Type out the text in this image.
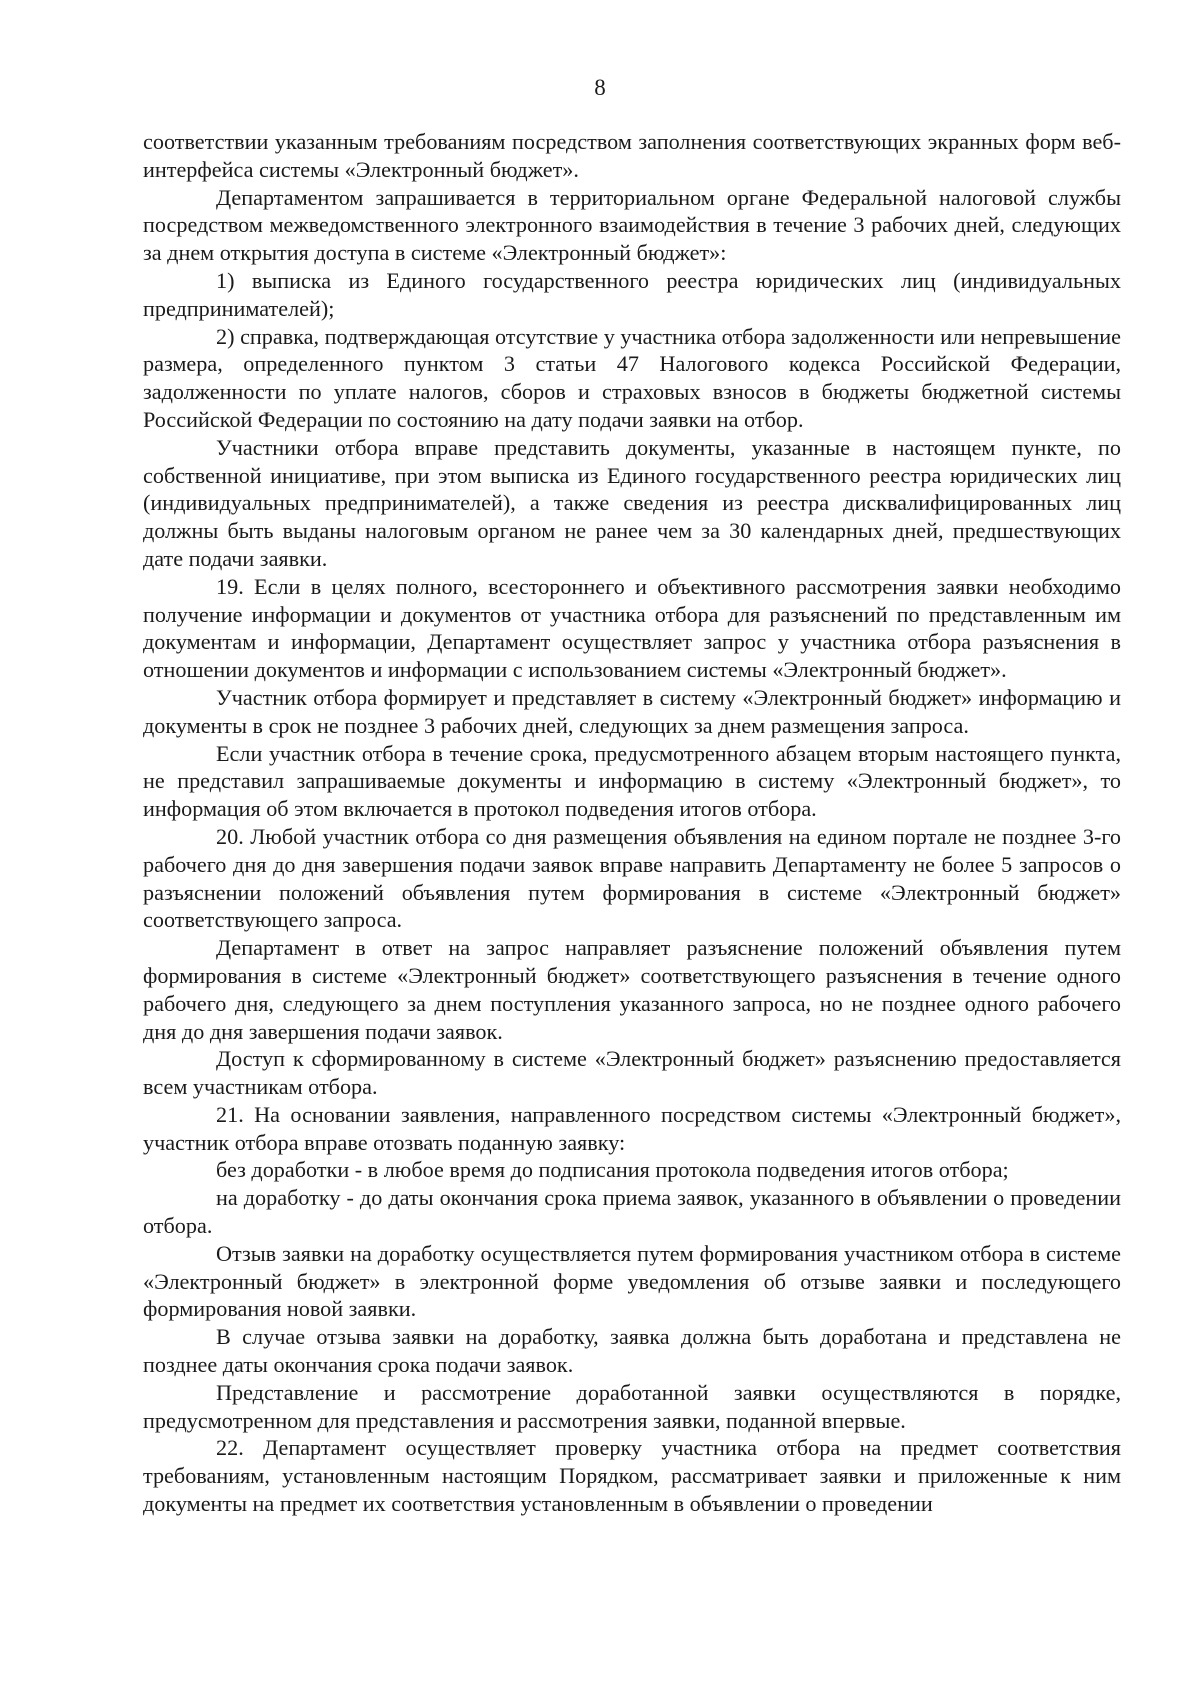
8

соответствии указанным требованиям посредством заполнения соответствующих экранных форм веб-интерфейса системы «Электронный бюджет».

Департаментом запрашивается в территориальном органе Федеральной налоговой службы посредством межведомственного электронного взаимодействия в течение 3 рабочих дней, следующих за днем открытия доступа в системе «Электронный бюджет»:

1) выписка из Единого государственного реестра юридических лиц (индивидуальных предпринимателей);

2) справка, подтверждающая отсутствие у участника отбора задолженности или непревышение размера, определенного пунктом 3 статьи 47 Налогового кодекса Российской Федерации, задолженности по уплате налогов, сборов и страховых взносов в бюджеты бюджетной системы Российской Федерации по состоянию на дату подачи заявки на отбор.

Участники отбора вправе представить документы, указанные в настоящем пункте, по собственной инициативе, при этом выписка из Единого государственного реестра юридических лиц (индивидуальных предпринимателей), а также сведения из реестра дисквалифицированных лиц должны быть выданы налоговым органом не ранее чем за 30 календарных дней, предшествующих дате подачи заявки.

19. Если в целях полного, всестороннего и объективного рассмотрения заявки необходимо получение информации и документов от участника отбора для разъяснений по представленным им документам и информации, Департамент осуществляет запрос у участника отбора разъяснения в отношении документов и информации с использованием системы «Электронный бюджет».

Участник отбора формирует и представляет в систему «Электронный бюджет» информацию и документы в срок не позднее 3 рабочих дней, следующих за днем размещения запроса.

Если участник отбора в течение срока, предусмотренного абзацем вторым настоящего пункта, не представил запрашиваемые документы и информацию в систему «Электронный бюджет», то информация об этом включается в протокол подведения итогов отбора.

20. Любой участник отбора со дня размещения объявления на едином портале не позднее 3-го рабочего дня до дня завершения подачи заявок вправе направить Департаменту не более 5 запросов о разъяснении положений объявления путем формирования в системе «Электронный бюджет» соответствующего запроса.

Департамент в ответ на запрос направляет разъяснение положений объявления путем формирования в системе «Электронный бюджет» соответствующего разъяснения в течение одного рабочего дня, следующего за днем поступления указанного запроса, но не позднее одного рабочего дня до дня завершения подачи заявок.

Доступ к сформированному в системе «Электронный бюджет» разъяснению предоставляется всем участникам отбора.

21. На основании заявления, направленного посредством системы «Электронный бюджет», участник отбора вправе отозвать поданную заявку:

без доработки - в любое время до подписания протокола подведения итогов отбора;

на доработку - до даты окончания срока приема заявок, указанного в объявлении о проведении отбора.

Отзыв заявки на доработку осуществляется путем формирования участником отбора в системе «Электронный бюджет» в электронной форме уведомления об отзыве заявки и последующего формирования новой заявки.

В случае отзыва заявки на доработку, заявка должна быть доработана и представлена не позднее даты окончания срока подачи заявок.

Представление и рассмотрение доработанной заявки осуществляются в порядке, предусмотренном для представления и рассмотрения заявки, поданной впервые.

22. Департамент осуществляет проверку участника отбора на предмет соответствия требованиям, установленным настоящим Порядком, рассматривает заявки и приложенные к ним документы на предмет их соответствия установленным в объявлении о проведении
